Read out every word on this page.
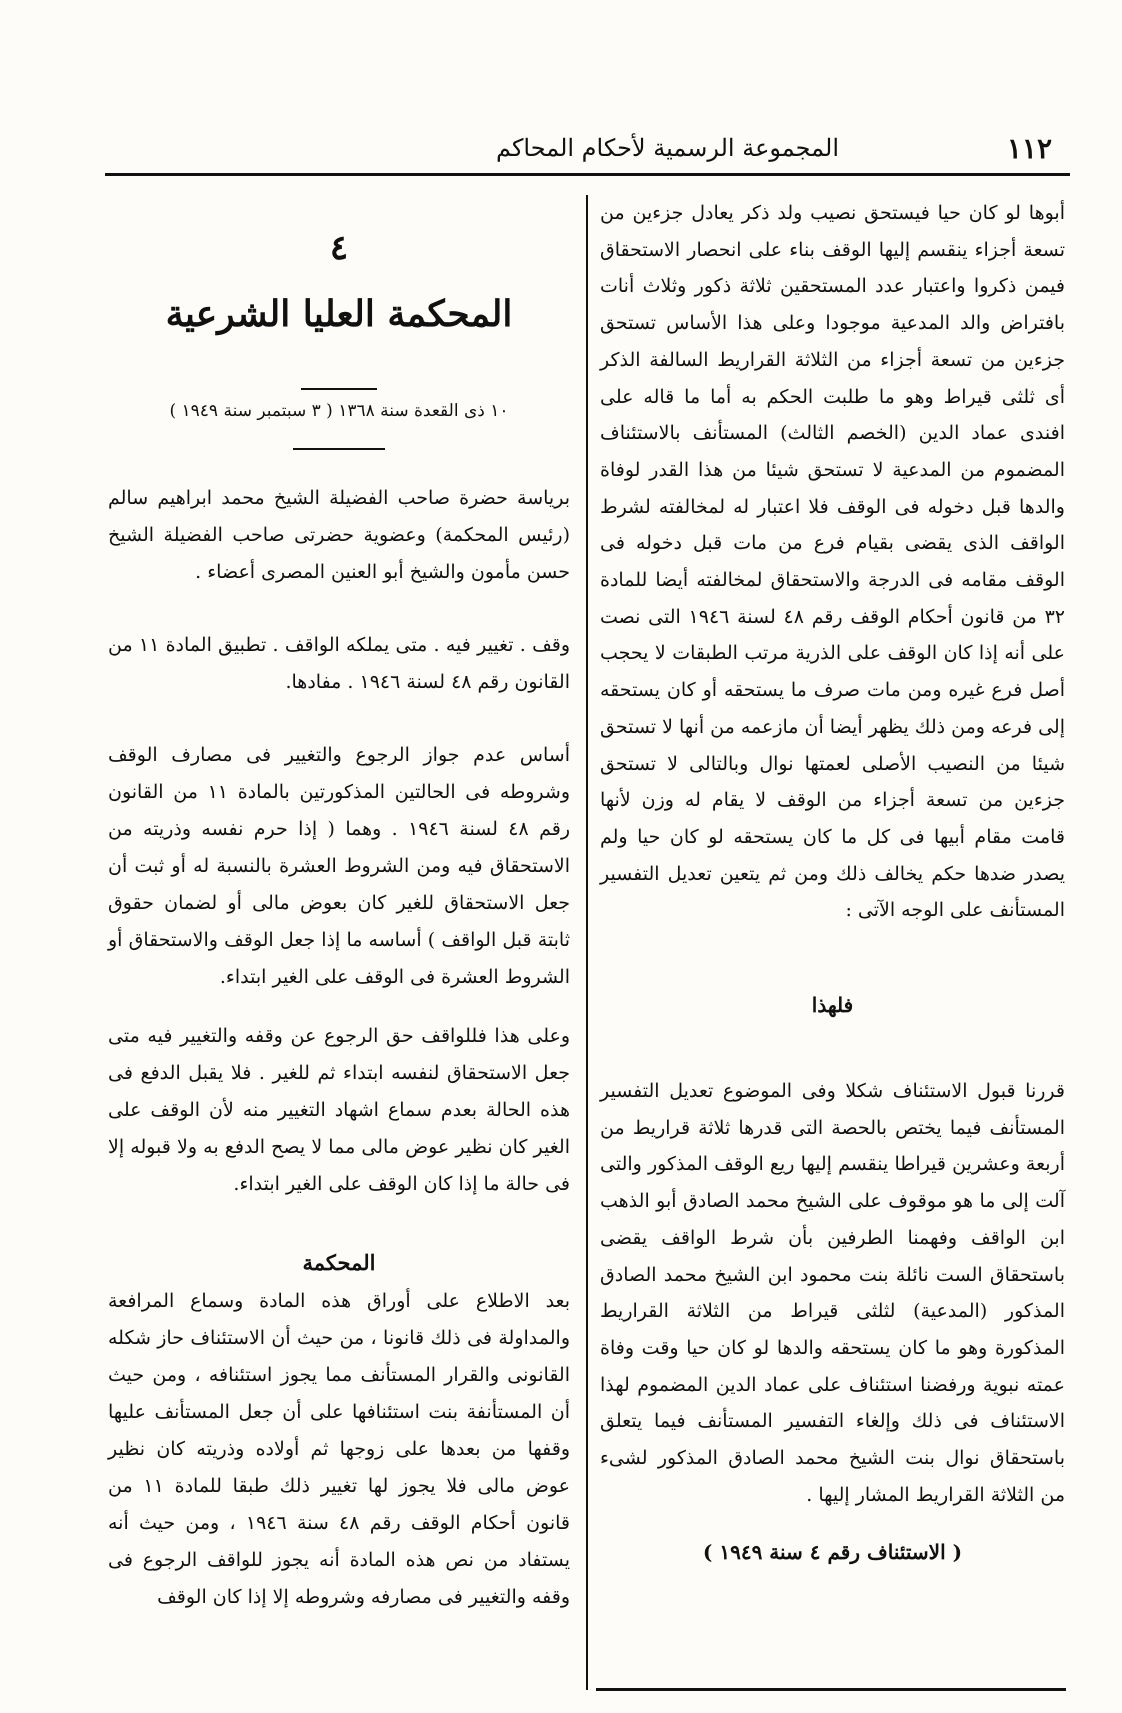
١١٢
المجموعة الرسمية لأحكام المحاكم

أبوها لو كان حيا فيستحق نصيب ولد ذكر يعادل جزءين من تسعة أجزاء ينقسم إليها الوقف بناء على انحصار الاستحقاق فيمن ذكروا واعتبار عدد المستحقين ثلاثة ذكور وثلاث أنات بافتراض والد المدعية موجودا وعلى هذا الأساس تستحق جزءين من تسعة أجزاء من الثلاثة القراريط السالفة الذكر أى ثلثى قيراط وهو ما طلبت الحكم به أما ما قاله على افندى عماد الدين (الخصم الثالث) المستأنف بالاستئناف المضموم من المدعية لا تستحق شيئا من هذا القدر لوفاة والدها قبل دخوله فى الوقف فلا اعتبار له لمخالفته لشرط الواقف الذى يقضى بقيام فرع من مات قبل دخوله فى الوقف مقامه فى الدرجة والاستحقاق لمخالفته أيضا للمادة ٣٢ من قانون أحكام الوقف رقم ٤٨ لسنة ١٩٤٦ التى نصت على أنه إذا كان الوقف على الذرية مرتب الطبقات لا يحجب أصل فرع غيره ومن مات صرف ما يستحقه أو كان يستحقه إلى فرعه ومن ذلك يظهر أيضا أن مازعمه من أنها لا تستحق شيئا من النصيب الأصلى لعمتها نوال وبالتالى لا تستحق جزءين من تسعة أجزاء من الوقف لا يقام له وزن لأنها قامت مقام أبيها فى كل ما كان يستحقه لو كان حيا ولم يصدر ضدها حكم يخالف ذلك ومن ثم يتعين تعديل التفسير المستأنف على الوجه الآتى :

فلهذا

قررنا قبول الاستئناف شكلا وفى الموضوع تعديل التفسير المستأنف فيما يختص بالحصة التى قدرها ثلاثة قراريط من أربعة وعشرين قيراطا ينقسم إليها ريع الوقف المذكور والتى آلت إلى ما هو موقوف على الشيخ محمد الصادق أبو الذهب ابن الواقف وفهمنا الطرفين بأن شرط الواقف يقضى باستحقاق الست نائلة بنت محمود ابن الشيخ محمد الصادق المذكور (المدعية) لثلثى قيراط من الثلاثة القراريط المذكورة وهو ما كان يستحقه والدها لو كان حيا وقت وفاة عمته نبوية ورفضنا استئناف على عماد الدين المضموم لهذا الاستئناف فى ذلك وإلغاء التفسير المستأنف فيما يتعلق باستحقاق نوال بنت الشيخ محمد الصادق المذكور لشىء من الثلاثة القراريط المشار إليها .

( الاستئناف رقم ٤ سنة ١٩٤٩ )
٤
المحكمة العليا الشرعية
١٠ ذى القعدة سنة ١٣٦٨ ( ٣ سبتمبر سنة ١٩٤٩ )

برياسة حضرة صاحب الفضيلة الشيخ محمد ابراهيم سالم (رئيس المحكمة) وعضوية حضرتى صاحب الفضيلة الشيخ حسن مأمون والشيخ أبو العنين المصرى أعضاء .

وقف . تغيير فيه . متى يملكه الواقف . تطبيق المادة ١١ من القانون رقم ٤٨ لسنة ١٩٤٦ . مفادها.

أساس عدم جواز الرجوع والتغيير فى مصارف الوقف وشروطه فى الحالتين المذكورتين بالمادة ١١ من القانون رقم ٤٨ لسنة ١٩٤٦ . وهما ( إذا حرم نفسه وذريته من الاستحقاق فيه ومن الشروط العشرة بالنسبة له أو ثبت أن جعل الاستحقاق للغير كان بعوض مالى أو لضمان حقوق ثابتة قبل الواقف ) أساسه ما إذا جعل الوقف والاستحقاق أو الشروط العشرة فى الوقف على الغير ابتداء.

وعلى هذا فللواقف حق الرجوع عن وقفه والتغيير فيه متى جعل الاستحقاق لنفسه ابتداء ثم للغير . فلا يقبل الدفع فى هذه الحالة بعدم سماع اشهاد التغيير منه لأن الوقف على الغير كان نظير عوض مالى مما لا يصح الدفع به ولا قبوله إلا فى حالة ما إذا كان الوقف على الغير ابتداء.

المحكمة

بعد الاطلاع على أوراق هذه المادة وسماع المرافعة والمداولة فى ذلك قانونا ، من حيث أن الاستئناف حاز شكله القانونى والقرار المستأنف مما يجوز استئنافه ، ومن حيث أن المستأنفة بنت استئنافها على أن جعل المستأنف عليها وقفها من بعدها على زوجها ثم أولاده وذريته كان نظير عوض مالى فلا يجوز لها تغيير ذلك طبقا للمادة ١١ من قانون أحكام الوقف رقم ٤٨ سنة ١٩٤٦ ، ومن حيث أنه يستفاد من نص هذه المادة أنه يجوز للواقف الرجوع فى وقفه والتغيير فى مصارفه وشروطه إلا إذا كان الوقف
